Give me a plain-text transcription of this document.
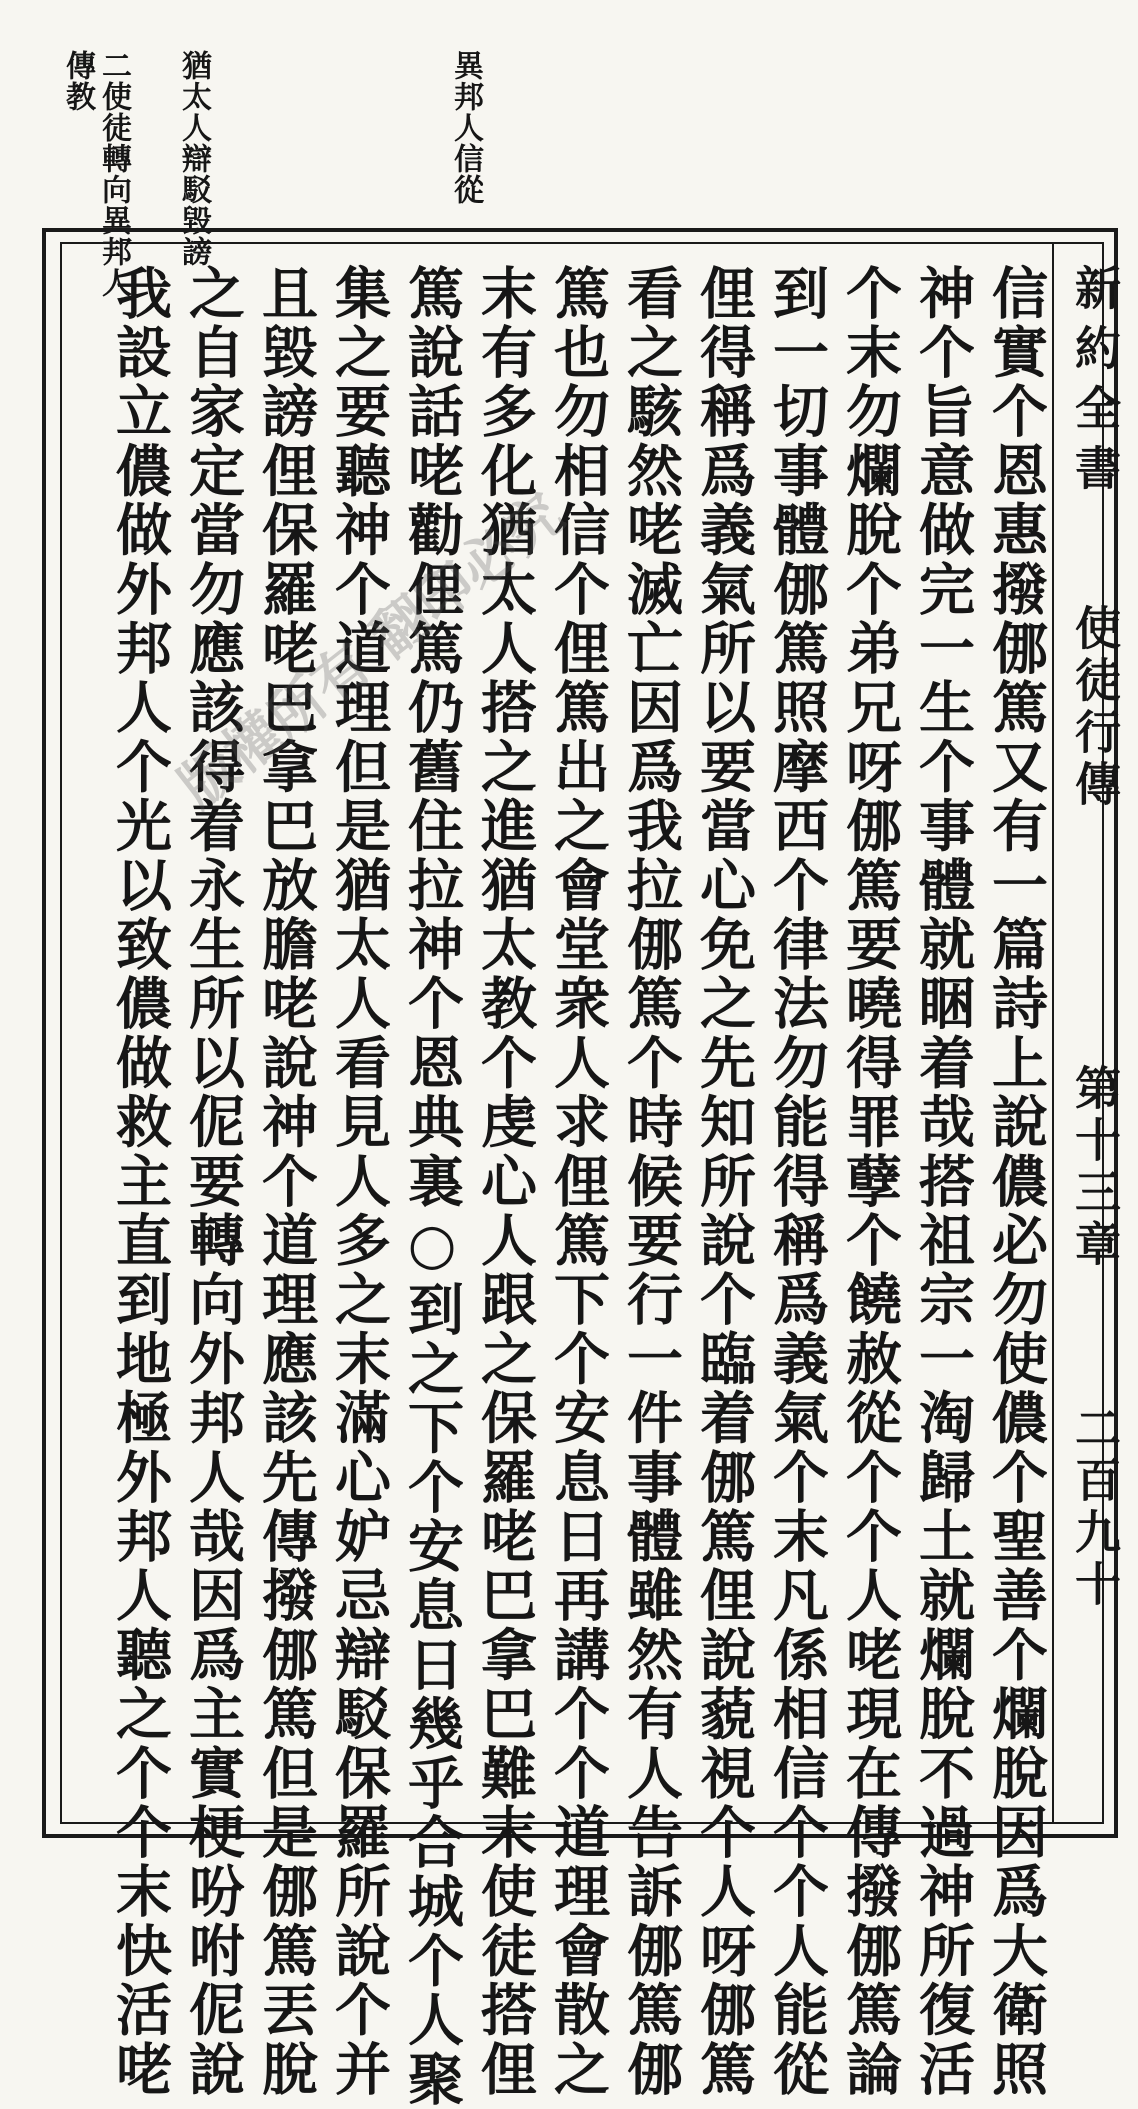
傳教 二使徒轉向異邦人 猶太人辯駁毀謗	異邦人信從
新約全書
使徒行傳
第十三章
二百九十
信實个恩惠撥㑚篤又有一篇詩上說儂必勿使儂个聖善个爛脫因爲大衛照
神个旨意做完一生个事體就睏着哉搭祖宗一淘歸土就爛脫不過神所復活
个末勿爛脫个弟兄呀㑚篤要曉得罪孽个饒赦從个个人咾現在傳撥㑚篤論
到一切事體㑚篤照摩西个律法勿能得稱爲義氣个末凡係相信个个人能從
俚得稱爲義氣所以要當心免之先知所說个臨着㑚篤俚說藐視个人呀㑚篤
看之駭然咾滅亡因爲我拉㑚篤个時候要行一件事體雖然有人告訴㑚篤㑚
篤也勿相信个俚篤出之會堂衆人求俚篤下个安息日再講个个道理會散之
末有多化猶太人搭之進猶太教个虔心人跟之保羅咾巴拿巴難末使徒搭俚
篤說話咾勸俚篤仍舊住拉神个恩典裏○到之下个安息日幾乎合城个人聚
集之要聽神个道理但是猶太人看見人多之末滿心妒忌辯駁保羅所說个并
且毀謗俚保羅咾巴拿巴放膽咾說神个道理應該先傳撥㑚篤但是㑚篤丟脫
之自家定當勿應該得着永生所以伲要轉向外邦人哉因爲主實梗吩咐伲說
我設立儂做外邦人个光以致儂做救主直到地極外邦人聽之个个末快活咾
版權所有 翻印必究
